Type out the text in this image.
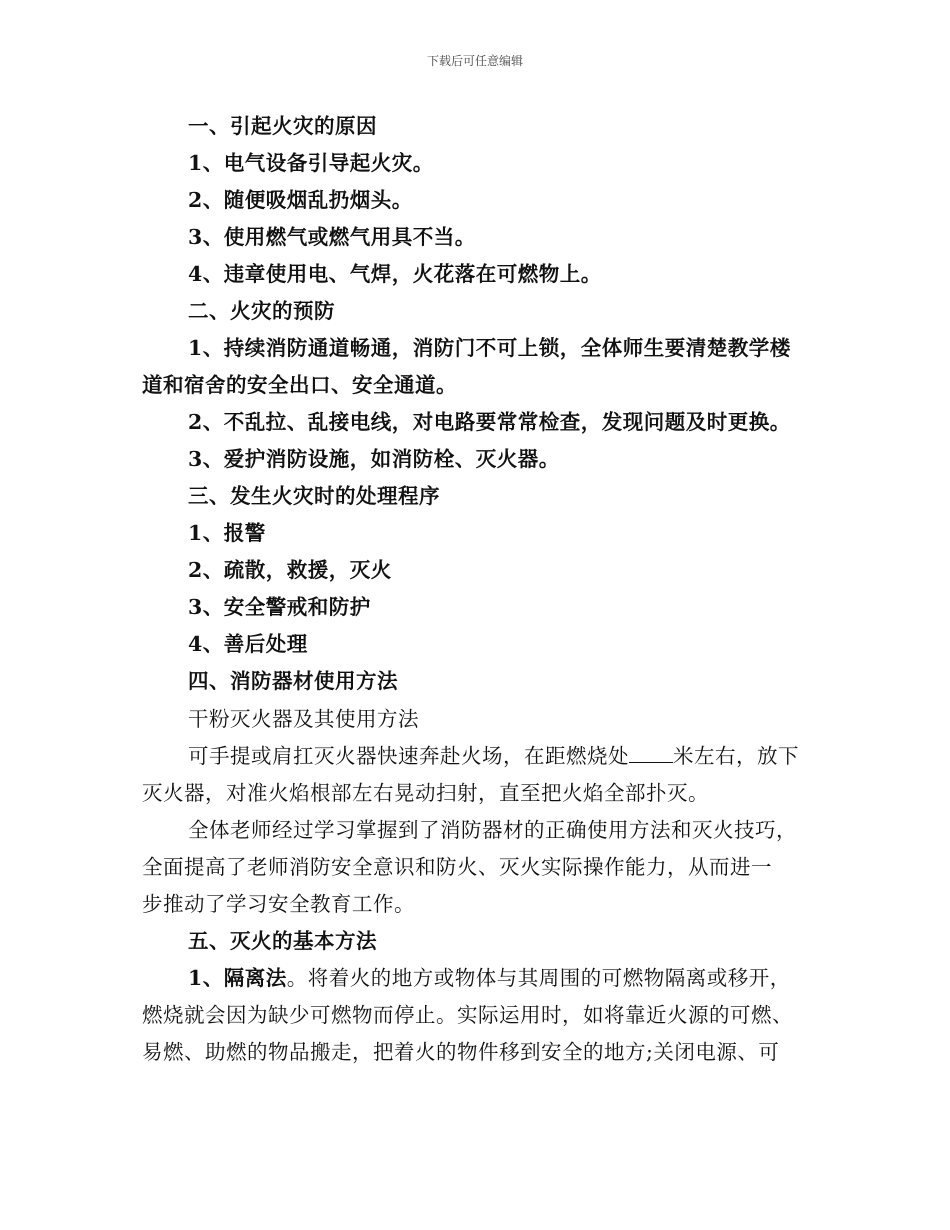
下载后可任意编辑
一、引起火灾的原因
1、电气设备引导起火灾。
2、随便吸烟乱扔烟头。
3、使用燃气或燃气用具不当。
4、违章使用电、气焊，火花落在可燃物上。
二、火灾的预防
1、持续消防通道畅通，消防门不可上锁，全体师生要清楚教学楼
道和宿舍的安全出口、安全通道。
2、不乱拉、乱接电线，对电路要常常检查，发现问题及时更换。
3、爱护消防设施，如消防栓、灭火器。
三、发生火灾时的处理程序
1、报警
2、疏散，救援，灭火
3、安全警戒和防护
4、善后处理
四、消防器材使用方法
干粉灭火器及其使用方法
可手提或肩扛灭火器快速奔赴火场，在距燃烧处 米左右，放下
灭火器，对准火焰根部左右晃动扫射，直至把火焰全部扑灭。
全体老师经过学习掌握到了消防器材的正确使用方法和灭火技巧，
全面提高了老师消防安全意识和防火、灭火实际操作能力，从而进一
步推动了学习安全教育工作。
五、灭火的基本方法
1、隔离法。将着火的地方或物体与其周围的可燃物隔离或移开，
燃烧就会因为缺少可燃物而停止。实际运用时，如将靠近火源的可燃、
易燃、助燃的物品搬走，把着火的物件移到安全的地方;关闭电源、可
